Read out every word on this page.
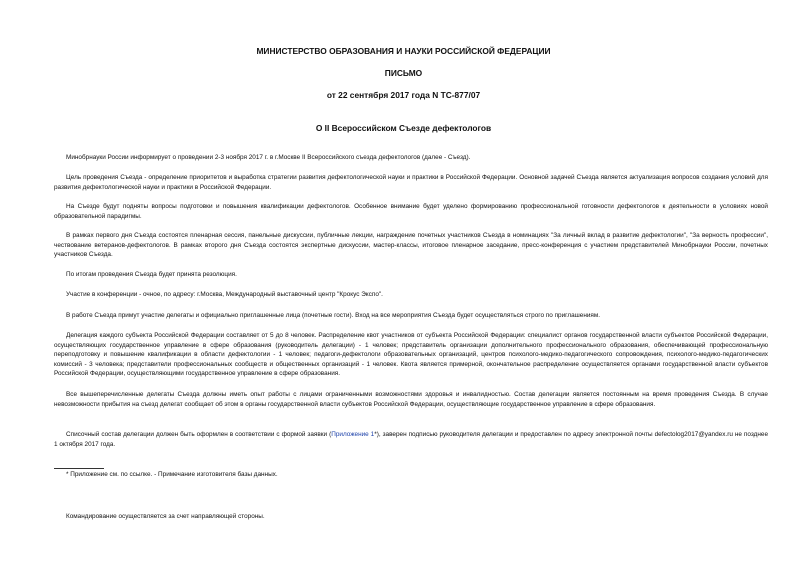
МИНИСТЕРСТВО ОБРАЗОВАНИЯ И НАУКИ РОССИЙСКОЙ ФЕДЕРАЦИИ
ПИСЬМО
от 22 сентября 2017 года N ТС-877/07
О II Всероссийском Съезде дефектологов

Минобрнауки России информирует о проведении 2-3 ноября 2017 г. в г.Москве II Всероссийского съезда дефектологов (далее - Съезд).

Цель проведения Съезда - определение приоритетов и выработка стратегии развития дефектологической науки и практики в Российской Федерации. Основной задачей Съезда является актуализация вопросов создания условий для развития дефектологической науки и практики в Российской Федерации.

На Съезде будут подняты вопросы подготовки и повышения квалификации дефектологов. Особенное внимание будет уделено формированию профессиональной готовности дефектологов к деятельности в условиях новой образовательной парадигмы.

В рамках первого дня Съезда состоятся пленарная сессия, панельные дискуссии, публичные лекции, награждение почетных участников Съезда в номинациях "За личный вклад в развитие дефектологии", "За верность профессии", чествование ветеранов-дефектологов. В рамках второго дня Съезда состоятся экспертные дискуссии, мастер-классы, итоговое пленарное заседание, пресс-конференция с участием представителей Минобрнауки России, почетных участников Съезда.

По итогам проведения Съезда будет принята резолюция.

Участие в конференции - очное, по адресу: г.Москва, Международный выставочный центр "Крокус Экспо".

В работе Съезда примут участие делегаты и официально приглашенные лица (почетные гости). Вход на все мероприятия Съезда будет осуществляться строго по приглашениям.

Делегация каждого субъекта Российской Федерации составляет от 5 до 8 человек. Распределение квот участников от субъекта Российской Федерации: специалист органов государственной власти субъектов Российской Федерации, осуществляющих государственное управление в сфере образования (руководитель делегации) - 1 человек; представитель организации дополнительного профессионального образования, обеспечивающей профессиональную переподготовку и повышение квалификации в области дефектологии - 1 человек; педагоги-дефектологи образовательных организаций, центров психолого-медико-педагогического сопровождения, психолого-медико-педагогических комиссий - 3 человека; представители профессиональных сообществ и общественных организаций - 1 человек. Квота является примерной, окончательное распределение осуществляется органами государственной власти субъектов Российской Федерации, осуществляющими государственное управление в сфере образования.

Все вышеперечисленные делегаты Съезда должны иметь опыт работы с лицами ограниченными возможностями здоровья и инвалидностью. Состав делегации является постоянным на время проведения Съезда. В случае невозможности прибытия на съезд делегат сообщает об этом в органы государственной власти субъектов Российской Федерации, осуществляющие государственное управление в сфере образования.

Списочный состав делегации должен быть оформлен в соответствии с формой заявки (Приложение 1*), заверен подписью руководителя делегации и предоставлен по адресу электронной почты defectolog2017@yandex.ru не позднее 1 октября 2017 года.

* Приложение см. по ссылке. - Примечание изготовителя базы данных.

Командирование осуществляется за счет направляющей стороны.
